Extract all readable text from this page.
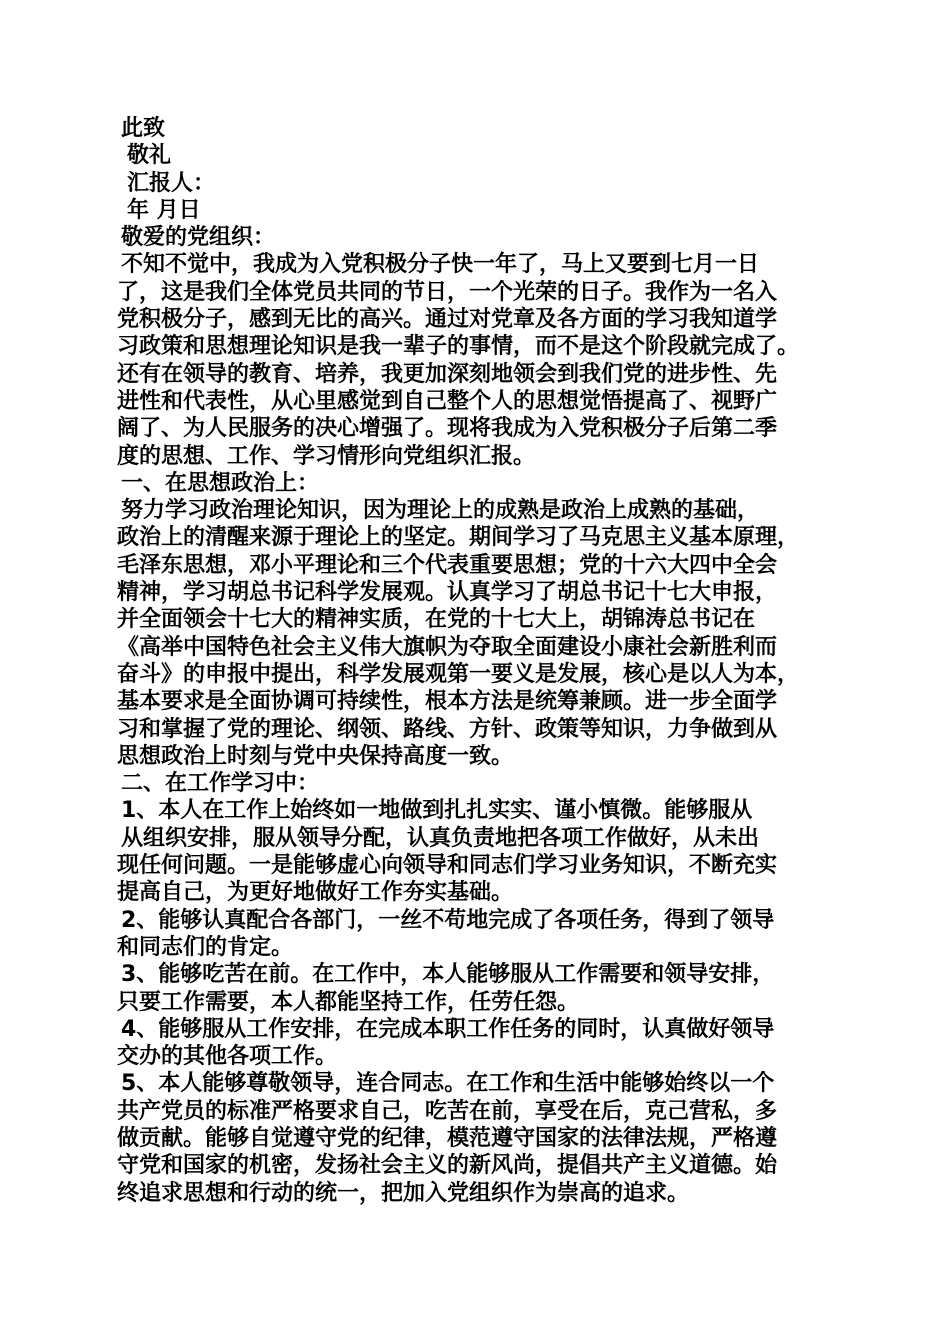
此致
敬礼
汇报人：
年 月日
敬爱的党组织：
不知不觉中，我成为入党积极分子快一年了，马上又要到七月一日
了，这是我们全体党员共同的节日，一个光荣的日子。我作为一名入
党积极分子，感到无比的高兴。通过对党章及各方面的学习我知道学
习政策和思想理论知识是我一辈子的事情，而不是这个阶段就完成了。
还有在领导的教育、培养，我更加深刻地领会到我们党的进步性、先
进性和代表性，从心里感觉到自己整个人的思想觉悟提高了、视野广
阔了、为人民服务的决心增强了。现将我成为入党积极分子后第二季
度的思想、工作、学习情形向党组织汇报。
一、在思想政治上：
努力学习政治理论知识，因为理论上的成熟是政治上成熟的基础，
政治上的清醒来源于理论上的坚定。期间学习了马克思主义基本原理，
毛泽东思想，邓小平理论和三个代表重要思想；党的十六大四中全会
精神，学习胡总书记科学发展观。认真学习了胡总书记十七大申报，
并全面领会十七大的精神实质，在党的十七大上，胡锦涛总书记在
《高举中国特色社会主义伟大旗帜为夺取全面建设小康社会新胜利而
奋斗》的申报中提出，科学发展观第一要义是发展，核心是以人为本，
基本要求是全面协调可持续性，根本方法是统筹兼顾。进一步全面学
习和掌握了党的理论、纲领、路线、方针、政策等知识，力争做到从
思想政治上时刻与党中央保持高度一致。
二、在工作学习中：
1、本人在工作上始终如一地做到扎扎实实、谨小慎微。能够服从
从组织安排，服从领导分配，认真负责地把各项工作做好，从未出
现任何问题。一是能够虚心向领导和同志们学习业务知识，不断充实
提高自己，为更好地做好工作夯实基础。
2、能够认真配合各部门，一丝不苟地完成了各项任务，得到了领导
和同志们的肯定。
3、能够吃苦在前。在工作中，本人能够服从工作需要和领导安排，
只要工作需要，本人都能坚持工作，任劳任怨。
4、能够服从工作安排，在完成本职工作任务的同时，认真做好领导
交办的其他各项工作。
5、本人能够尊敬领导，连合同志。在工作和生活中能够始终以一个
共产党员的标准严格要求自己，吃苦在前，享受在后，克己营私，多
做贡献。能够自觉遵守党的纪律，模范遵守国家的法律法规，严格遵
守党和国家的机密，发扬社会主义的新风尚，提倡共产主义道德。始
终追求思想和行动的统一，把加入党组织作为崇高的追求。
